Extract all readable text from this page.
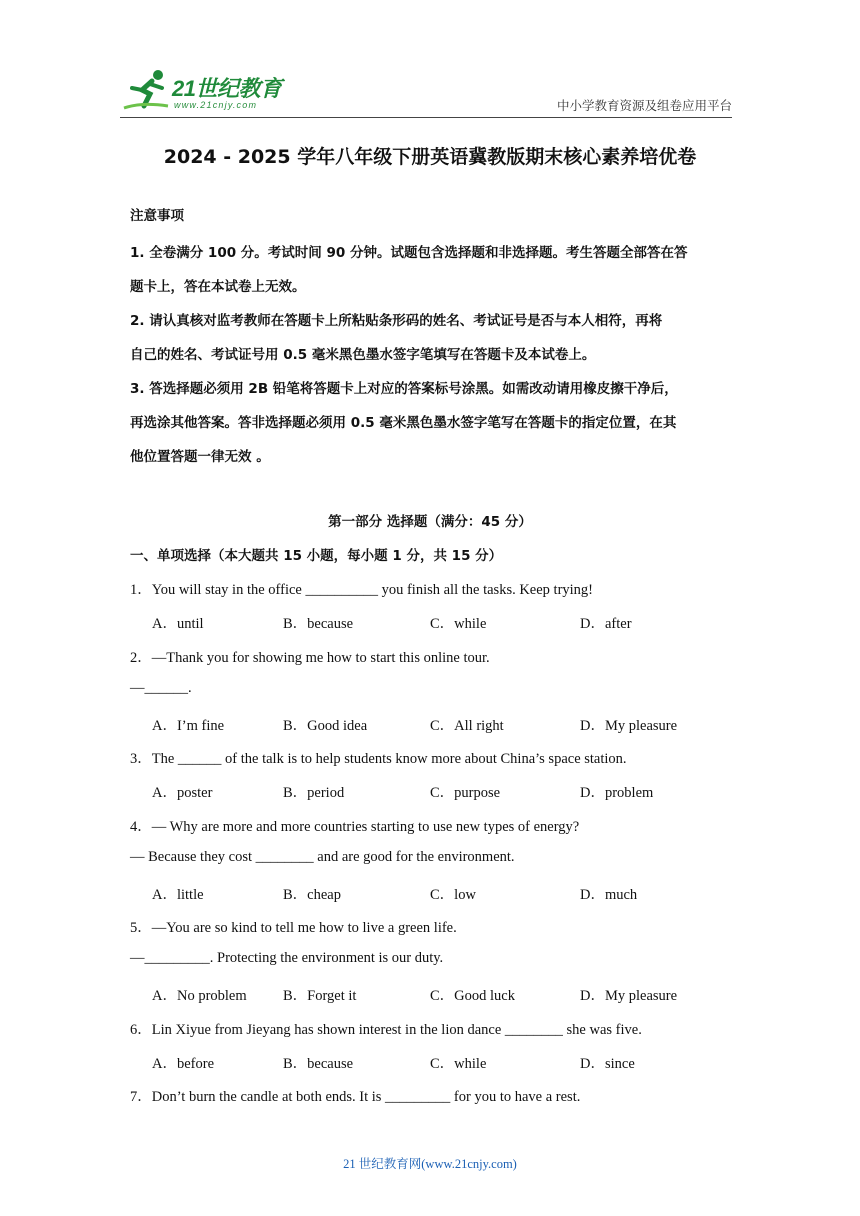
21世纪教育
www.21cnjy.com	中小学教育资源及组卷应用平台
2024 - 2025 学年八年级下册英语冀教版期末核心素养培优卷
注意事项

1. 全卷满分 100 分。考试时间 90 分钟。试题包含选择题和非选择题。考生答题全部答在答

题卡上，答在本试卷上无效。

2. 请认真核对监考教师在答题卡上所粘贴条形码的姓名、考试证号是否与本人相符，再将

自己的姓名、考试证号用 0.5 毫米黑色墨水签字笔填写在答题卡及本试卷上。

3. 答选择题必须用 2B 铅笔将答题卡上对应的答案标号涂黑。如需改动请用橡皮擦干净后，

再选涂其他答案。答非选择题必须用 0.5 毫米黑色墨水签字笔写在答题卡的指定位置，在其

他位置答题一律无效 。

第一部分 选择题（满分：45 分）
一、单项选择（本大题共 15 小题，每小题 1 分，共 15 分）
1．You will stay in the office __________ you finish all the tasks. Keep trying!
A．until	B．because	C．while	D．after
2．—Thank you for showing me how to start this online tour.
—______.
A．I’m fine	B．Good idea	C．All right	D．My pleasure
3．The ______ of the talk is to help students know more about China’s space station.
A．poster	B．period	C．purpose	D．problem
4．— Why are more and more countries starting to use new types of energy?
— Because they cost ________ and are good for the environment.
A．little	B．cheap	C．low	D．much
5．—You are so kind to tell me how to live a green life.
—_________. Protecting the environment is our duty.
A．No problem	B．Forget it	C．Good luck	D．My pleasure
6．Lin Xiyue from Jieyang has shown interest in the lion dance ________ she was five.
A．before	B．because	C．while	D．since
7．Don’t burn the candle at both ends. It is _________ for you to have a rest.
21 世纪教育网(www.21cnjy.com)
